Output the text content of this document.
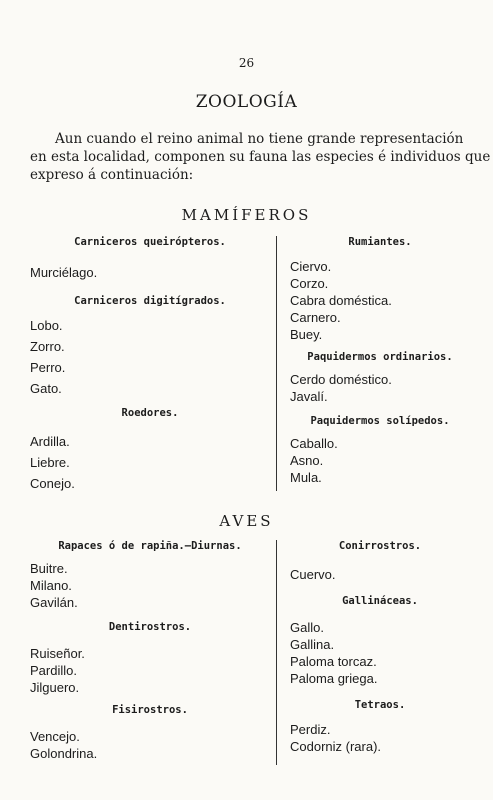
26
ZOOLOGÍA
Aun cuando el reino animal no tiene grande representación
en esta localidad, componen su fauna las especies é individuos que
expreso á continuación:
MAMÍFEROS
Carniceros queirópteros.
Murciélago.
Carniceros digitígrados.
Lobo.
Zorro.
Perro.
Gato.
Roedores.
Ardilla.
Liebre.
Conejo.
Rumiantes.
Ciervo.
Corzo.
Cabra doméstica.
Carnero.
Buey.
Paquidermos ordinarios.
Cerdo doméstico.
Javalí.
Paquidermos solípedos.
Caballo.
Asno.
Mula.
AVES
Rapaces ó de rapiña.—Diurnas.
Buitre.
Milano.
Gavilán.
Dentirostros.
Ruiseñor.
Pardillo.
Jilguero.
Fisirostros.
Vencejo.
Golondrina.
Conirrostros.
Cuervo.
Gallináceas.
Gallo.
Gallina.
Paloma torcaz.
Paloma griega.
Tetraos.
Perdiz.
Codorniz (rara).
